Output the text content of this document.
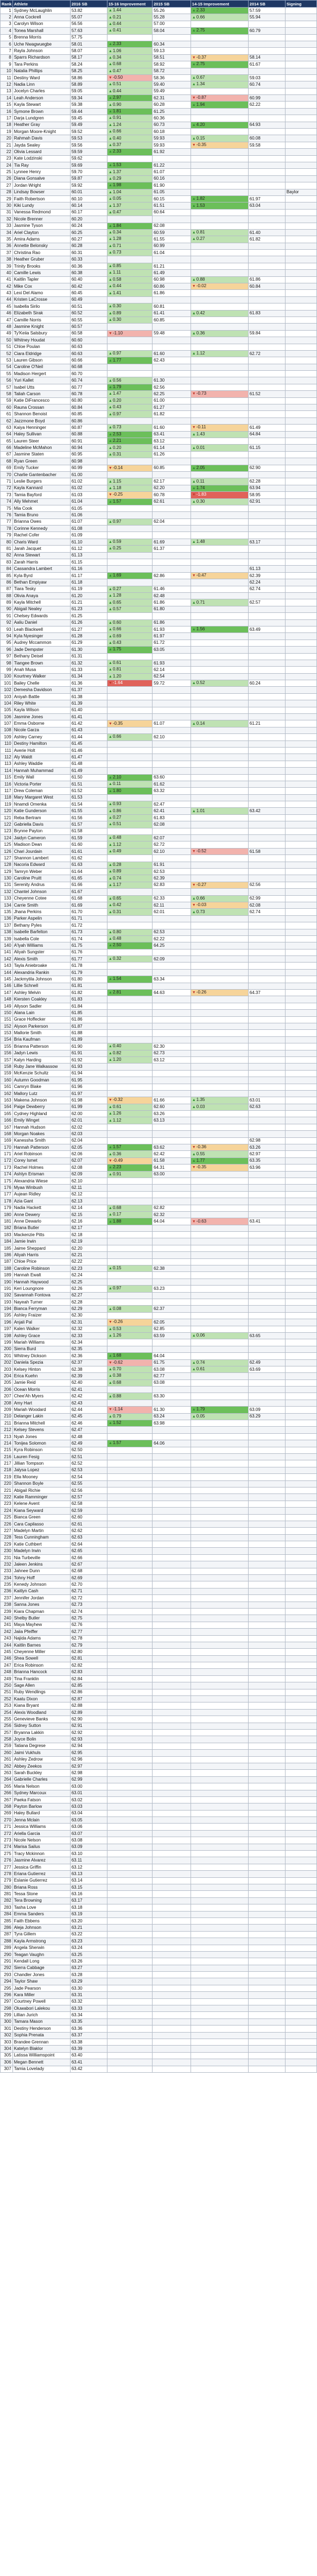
Rank	Athlete	2016 SB	15-16 Improvement	2015 SB	14-15 Improvement	2014 SB	Signing
1	Sydney McLaughlin	53.82	▲1.44	55.26	▲2.33	57.59	
2	Anna Cockrell	55.07	▲0.21	55.28	▲0.66	55.94	
3	Carolyn Wilson	56.56	▲0.44	57.00			
4	Tonea Marshall	57.63	▲0.41	58.04	▲2.75	60.79	
5	Brenna Morris	57.75					
6	Uche Nwagwuegbe	58.01	▲2.33	60.34			
7	Rayla Johnson	58.07	▲1.06	59.13			
8	Sparrs Richardson	58.17	▲0.34	58.51	▼-0.37	58.14	
9	Tara Perkins	58.24	▲0.68	58.92	▲2.75	61.67	
10	Natalia Phillips	58.25	▲0.47	58.72			
11	Destiny Ward	58.86	▼-0.50	58.36	▲0.67	59.03	
12	Nadia Linn	58.89	▲0.51	59.40	▲1.34	60.74	
13	Jocelyn Charles	59.05	▲0.44	59.49			
14	Leah Anderson	59.34	▲2.97	62.31	▼-0.87	60.99	
15	Kayla Stewart	59.38	▲0.90	60.28	▲1.94	62.22	
16	Symone Brown	59.44	▲1.81	61.25			
17	Darja Lundgren	59.45	▲0.91	60.36			
18	Heather Gray	59.49	▲1.24	60.73	▲4.20	64.93	
19	Morgan Moore-Knight	59.52	▲0.66	60.18			
20	Rahmah Davis	59.53	▲0.40	59.93	▲0.15	60.08	
21	Jayda Sealey	59.56	▲0.37	59.93	▼-0.35	59.58	
22	Olivia Lessard	59.59	▲2.33	61.92			
23	Kate Lodzinski	59.62					
24	Tia Ray	59.69	▲1.53	61.22			
25	Lynnee Henry	59.70	▲1.37	61.07			
26	Diana Gonsalve	59.87	▲0.29	60.16			
27	Jordan Wright	59.92	▲1.98	61.90			
28	Lindsay Bowser	60.01	▲1.04	61.05			Baylor
29	Faith Robertson	60.10	▲0.05	60.15	▲1.82	61.97	
30	Kiki Lundy	60.14	▲1.37	61.51	▲1.53	63.04	
31	Vanessa Redmond	60.17	▲0.47	60.64			
32	Nicole Brenner	60.20					
33	Jasmine Tyson	60.24	▲1.84	62.08			
34	Ariel Clayton	60.25	▲0.34	60.59	▲0.81	61.40	
35	Amira Adams	60.27	▲1.28	61.55	▲0.27	61.82	
36	Annette Belonsky	60.28	▲0.71	60.99			
37	Christina Rao	60.31	▲0.73	61.04			
38	Heather Gruber	60.33					
39	Trinity Brooks	60.36	▲0.85	61.21			
40	Camille Lewis	60.38	▲1.11	61.49			
41	Kaitlin Tapler	60.40	▲0.58	60.98	▲0.88	61.86	
42	Mike Cox	60.42	▲0.44	60.86	▼-0.02	60.84	
43	Lexi Del Alamo	60.45	▲1.41	61.86			
44	Kristen LaCrosse	60.49					
45	Isabella Sirilo	60.51	▲0.30	60.81			
46	Elizabeth Sirak	60.52	▲0.89	61.41	▲0.42	61.83	
47	Camille Norris	60.55	▲0.30	60.85			
48	Jasmine Knight	60.57					
49	Ty'Keiia Salsbury	60.58	▼-1.10	59.48	▲0.36	59.84	
50	Whitney Houdat	60.60					
51	Chloe Poulan	60.63					
52	Ciara Eldridge	60.63	▲0.97	61.60	▲1.12	62.72	
53	Lauren Gibson	60.66	▲1.77	62.43			
54	Caroline O'Neil	60.68					
55	Madison Hergert	60.70					
56	Yuri Kallet	60.74	▲0.56	61.30			
57	Isabel Utts	60.77	▲1.79	62.56			
58	Taliah Carson	60.78	▲1.47	62.25	▼-0.73	61.52	
59	Katie DiFrancesco	60.80	▲0.20	61.00			
60	Rauna Crossan	60.84	▲0.43	61.27			
61	Shannon Benoist	60.85	▲0.97	61.82			
62	Jazzmone Boyd	60.86					
63	Kaiya Henninger	60.87	▲0.73	61.60	▼-0.11	61.49	
64	Haley Sullivan	60.88	▲2.53	63.41	▲1.43	64.84	
65	Lauren Steer	60.91	▲2.21	63.12			
66	Madeline McMahon	60.94	▲0.20	61.14	▲0.01	61.15	
67	Jasmine Staten	60.95	▲0.31	61.26			
68	Ryan Green	60.98					
69	Emily Tucker	60.99	▼-0.14	60.85	▲2.05	62.90	
70	Charlie Gantenbacher	61.00					
71	Leslie Burgers	61.02	▲1.15	62.17	▲0.11	62.28	
72	Kayla Kannard	61.02	▲1.18	62.20	▲1.74	63.94	
73	Tamia Bayford	61.03	▼-0.25	60.78	▼-1.83	58.95	
74	Ally Mehmet	61.04	▲1.57	62.61	▲0.30	62.91	
75	Mia Cook	61.05					
76	Tamia Bruno	61.06					
77	Brianna Owes	61.07	▲0.97	62.04			
78	Corinne Kennedy	61.08					
79	Rachel Cofer	61.09					
80	Charis Ward	61.10	▲0.59	61.69	▲1.48	63.17	
81	Jarah Jacquet	61.12	▲0.25	61.37			
82	Anna Stewart	61.13					
83	Zarah Harris	61.15					
84	Cassandra Lambert	61.16				61.13	
85	Kyla Byrd	61.17	▲1.69	62.86	▼-0.47	62.39	
86	Bethan Empiyaw	61.18				62.24	
87	Tiara Tesky	61.19	▲0.27	61.46		62.74	
88	Olivia Anaya	61.20	▲1.28	62.48			
89	Kayla Mitchell	61.21	▲0.65	61.86	▲0.71	62.57	
90	Abigail Nealey	61.23	▲0.57	61.80			
91	Chelsey Edwards	61.25					
92	Aaliu Daniel	61.26	▲0.60	61.86			
93	Leah Blackwell	61.27	▲0.66	61.93	▲1.56	63.49	
94	Kyla Nyesinger	61.28	▲0.69	61.97			
95	Audrey Mccammon	61.29	▲0.43	61.72			
96	Jade Dempster	61.30	▲1.75	63.05			
97	Bethany Deisel	61.31					
98	Tiangee Brown	61.32	▲0.61	61.93			
99	Anah Musa	61.33	▲0.81	62.14			
100	Kourtney Walker	61.34	▲1.20	62.54			
101	Bailey Chelle	61.36	▼-1.64	59.72	▲0.52	60.24	
102	Demesha Davidson	61.37					
103	Aniyah Battle	61.38					
104	Riley White	61.39					
105	Kayla Wilson	61.40					
106	Jasmine Jones	61.41					
107	Emma Osborne	61.42	▼-0.35	61.07	▲0.14	61.21	
108	Nicole Garza	61.43					
109	Ashley Carney	61.44	▲0.66	62.10			
110	Destiny Hamilton	61.45					
111	Averie Holt	61.46					
112	Aly Waldt	61.47					
113	Ashley Waddie	61.48					
114	Hannah Muhammad	61.49					
115	Emily Wall	61.50	▲2.10	63.60			
116	Victoria Porter	61.51	▲0.11	61.62			
117	Drew Coleman	61.52	▲1.80	63.32			
118	Mary Margaret West	61.53					
119	Nnamdi Omenka	61.54	▲0.93	62.47			
120	Katie Gunderson	61.55	▲0.86	62.41	▲1.01	63.42	
121	Reba Bertram	61.56	▲0.27	61.83			
122	Gabriella Davis	61.57	▲0.51	62.08			
123	Brynne Payton	61.58					
124	Jaidyn Cameron	61.59	▲0.48	62.07			
125	Madison Dean	61.60	▲1.12	62.72			
126	Chari Jourdain	61.61	▲0.49	62.10	▼-0.52	61.58	
127	Shannon Lambert	61.62					
128	Nacoria Edward	61.63	▲0.28	61.91			
129	Tamryn Weber	61.64	▲0.89	62.53			
130	Caroline Pruitt	61.65	▲0.74	62.39			
131	Serenity Andrus	61.66	▲1.17	62.83	▼-0.27	62.56	
132	Chantel Johnson	61.67					
133	Cheyenne Cotee	61.68	▲0.65	62.33	▲0.66	62.99	
134	Carrie Smith	61.69	▲0.42	62.11	▼-0.03	62.08	
135	Jhana Perkins	61.70	▲0.31	62.01	▲0.73	62.74	
136	Parker Aspelin	61.71					
137	Bethany Pyles	61.72					
138	Isabelle Barfelton	61.73	▲0.80	62.53			
139	Isabella Cole	61.74	▲0.48	62.22			
140	A'lyah Williams	61.75	▲2.50	64.25			
141	Aliyah Sungster	61.76					
142	Alexis Smith	61.77	▲0.32	62.09			
143	Tayla Aniebroake	61.78					
144	Alexandria Rankin	61.79					
145	Jackmytila Johnson	61.80	▲1.54	63.34			
146	Lillie Schnell	61.81					
147	Ashley Melvin	61.82	▲2.81	64.63	▼-0.26	64.37	
148	Kiersten Coakley	61.83					
149	Allyson Sadler	61.84					
150	Alana Lain	61.85					
151	Grace Hoffecker	61.86					
152	Alyson Parkerson	61.87					
153	Mallorie Smith	61.88					
154	Bria Kaufman	61.89					
155	Brianna Patterson	61.90	▲0.40	62.30			
156	Jadyn Lewis	61.91	▲0.82	62.73			
157	Kalyn Harding	61.92	▲1.20	63.12			
158	Ruby Jane Walkassow	61.93					
159	McKenzie Schultz	61.94					
160	Autumn Goodman	61.95					
161	Camryn Blake	61.96					
162	Mallory Lutz	61.97					
163	Makena Johnson	61.98	▼-0.32	61.66	▲1.35	63.01	
164	Paige Dewberry	61.99	▲0.61	62.60	▲0.03	62.63	
165	Cydney Highland	62.00	▲1.26	63.26			
166	Emily Winget	62.01	▲1.12	63.13			
167	Hannah Hudson	62.02					
168	Morgan Noakes	62.03					
169	Kanessha Smith	62.04				62.98	
170	Hannah Patterson	62.05	▲1.57	63.62	▼-0.36	63.26	
171	Ariel Robinson	62.06	▲0.36	62.42	▲0.55	62.97	
172	Corey Ismet	62.07	▼-0.49	61.58	▲1.77	63.35	
173	Rachel Holmes	62.08	▲2.23	64.31	▼-0.35	63.96	
174	Ashlyn Erisman	62.09	▲0.91	63.00			
175	Alexandria Wiese	62.10					
176	Myaa Winbush	62.11					
177	Aujean Ridley	62.12					
178	Azia Gant	62.13					
179	Nadia Hackett	62.14	▲0.68	62.82			
180	Anne Dewery	62.15	▲0.17	62.32			
181	Anne Dewarlo	62.16	▲1.88	64.04	▼-0.63	63.41	
182	Briana Butler	62.17					
183	Mackenzie Pitts	62.18					
184	Jamie Irwin	62.19					
185	Jaime Sheppard	62.20					
186	Aliyah Harris	62.21					
187	Chloe Price	62.22					
188	Caroline Robinson	62.23	▲0.15	62.38			
189	Hannah Ewalt	62.24					
190	Hannah Haywood	62.25					
191	Keri Loungnore	62.26	▲0.97	63.23			
192	Savannah Fontova	62.27					
193	Nayeah Turner	62.28					
194	Bianca Ferryman	62.29	▲0.08	62.37			
195	Ashley Fraizer	62.30					
196	Anjali Pal	62.31	▼-0.26	62.05			
197	Kalen Walker	62.32	▲0.53	62.85			
198	Ashley Grace	62.33	▲1.26	63.59	▲0.06	63.65	
199	Mariah Williams	62.34					
200	Sierra Burd	62.35					
201	Whitney Dickson	62.36	▲1.68	64.04			
202	Daniela Spezia	62.37	▼-0.62	61.75	▲0.74	62.49	
203	Kelsey Hinton	62.38	▲0.70	63.08	▲0.61	63.69	
204	Erica Kuehn	62.39	▲0.38	62.77			
205	Jamie Reid	62.40	▲0.68	63.08			
206	Ocean Morris	62.41					
207	Chee'Ah Myers	62.42	▲0.88	63.30			
208	Amy Hart	62.43					
209	Mariah Woodard	62.44	▼-1.14	61.30	▲1.79	63.09	
210	Delanger Lakin	62.45	▲0.79	63.24	▲0.05	63.29	
211	Brianna Mitchell	62.46	▲1.52	63.98			
212	Kelsey Stevens	62.47					
213	Nyah Jones	62.48					
214	Tonijea Solomon	62.49	▲1.57	64.06			
215	Kyra Robinson	62.50					
216	Lauren Fesig	62.51					
217	Jillian Tompson	62.52					
218	Jalysa Lopez	62.53					
219	Ella Mooney	62.54					
220	Shannon Boyle	62.55					
221	Abigail Richie	62.56					
222	Katie Ramminger	62.57					
223	Kelene Avent	62.58					
224	Kiana Seyward	62.59					
225	Bianca Green	62.60					
226	Cara Capilasso	62.61					
227	Madelyn Martin	62.62					
228	Tess Cunningham	62.63					
229	Katie Cuthbert	62.64					
230	Madelyn Irwin	62.65					
231	Nia Turbeville	62.66					
232	Jaleen Jenkins	62.67					
233	Jahnee Dunn	62.68					
234	Tohny Hoff	62.69					
235	Kenedy Johnson	62.70					
236	Kaitlyn Cash	62.71					
237	Jennifer Jordan	62.72					
238	Sanna Jones	62.73					
239	Kiara Chapman	62.74					
240	Shelby Butler	62.75					
241	Maya Mayhew	62.76					
242	Jaiia Pfeiffer	62.77					
243	Najida Adams	62.78					
244	Kaitlin Barnes	62.79					
245	Cheyenne Miller	62.80					
246	Shea Sowell	62.81					
247	Erica Robinson	62.82					
248	Brianna Hancock	62.83					
249	Tina Franklin	62.84					
250	Sage Allen	62.85					
251	Ruby Wendlings	62.86					
252	Kaatu Dixon	62.87					
253	Kiana Bryant	62.88					
254	Alexis Woodland	62.89					
255	Genevieve Banks	62.90					
256	Sidney Sutton	62.91					
257	Bryanna Lakkin	62.92					
258	Joyce Bolin	62.93					
259	Tatiana Degrese	62.94					
260	Jaimi Vukhuls	62.95					
261	Ashley Zedrow	62.96					
262	Abbey Zeekos	62.97					
263	Sarah Buckley	62.98					
264	Gabrielle Charles	62.99					
265	Maria Nelson	63.00					
266	Sydney Marcoux	63.01					
267	Paeka Fatson	63.02					
268	Payton Barlow	63.03					
269	Haley Bullard	63.04					
270	Jenna Mclain	63.05					
271	Jessica Williams	63.06					
272	Ariella Garcia	63.07					
273	Nicole Nelson	63.08					
274	Marisa Sailus	63.09					
275	Tracy Mckinnon	63.10					
276	Jasmine Alvarez	63.11					
277	Jessica Griffin	63.12					
278	Eriana Gutierrez	63.13					
279	Eslanie Gutierrez	63.14					
280	Briana Ross	63.15					
281	Tessa Stone	63.16					
282	Tera Browning	63.17					
283	Tasha Love	63.18					
284	Emma Sanders	63.19					
285	Faith Ebbens	63.20					
286	Aleja Johnson	63.21					
287	Tyra Gillem	63.22					
288	Kayla Armstrong	63.23					
289	Angela Sherwin	63.24					
290	Teagan Vaughn	63.25					
291	Kendall Long	63.26					
292	Sierra Cabbage	63.27					
293	Chandler Jones	63.28					
294	Taylor Shaw	63.29					
295	Jade Pearson	63.30					
296	Kara Miller	63.31					
297	Courtney Powell	63.32					
298	Oluwabori Lalekou	63.33					
299	Lillian Jurich	63.34					
300	Tamara Mason	63.35					
301	Destiny Henderson	63.36					
302	Sophia Prenata	63.37					
303	Brandee Grennan	63.38					
304	Katelyn Blaklor	63.39					
305	Latissa Williamspoint	63.40					
306	Megan Bennett	63.41					
307	Tamia Lovelady	63.42					
